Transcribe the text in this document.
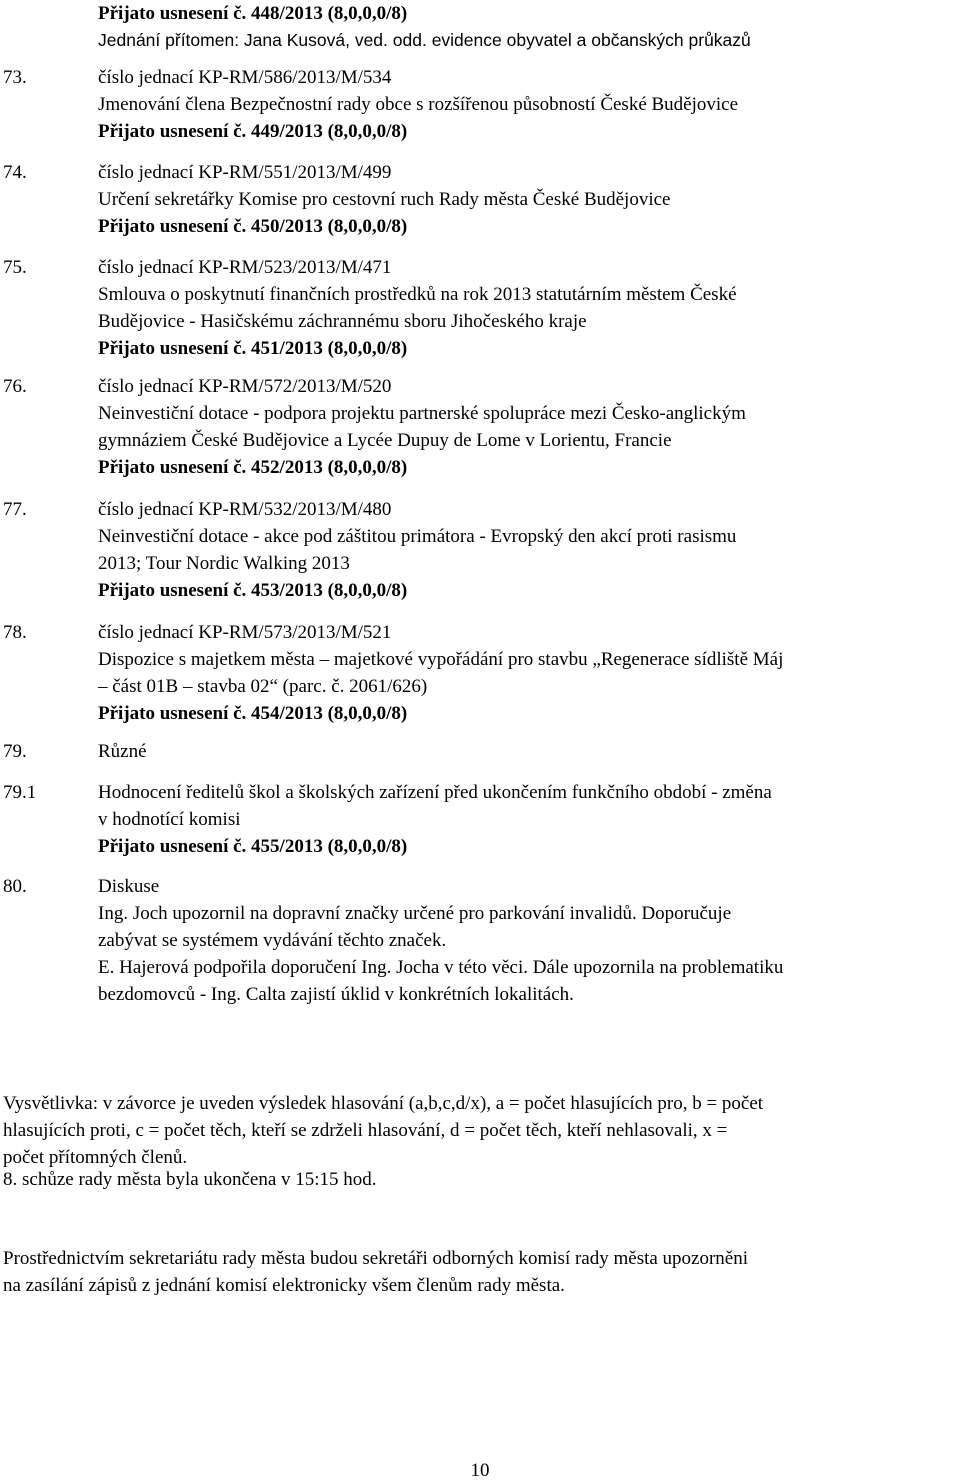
Přijato usnesení č. 448/2013 (8,0,0,0/8)
Jednání přítomen: Jana Kusová, ved. odd. evidence obyvatel a občanských průkazů
73.	číslo jednací KP-RM/586/2013/M/534
Jmenování člena Bezpečnostní rady obce s rozšířenou působností České Budějovice
Přijato usnesení č. 449/2013 (8,0,0,0/8)
74.	číslo jednací KP-RM/551/2013/M/499
Určení sekretářky Komise pro cestovní ruch Rady města České Budějovice
Přijato usnesení č. 450/2013 (8,0,0,0/8)
75.	číslo jednací KP-RM/523/2013/M/471
Smlouva o poskytnutí finančních prostředků na rok 2013 statutárním městem České
Budějovice - Hasičskému záchrannému sboru Jihočeského kraje
Přijato usnesení č. 451/2013 (8,0,0,0/8)
76.	číslo jednací KP-RM/572/2013/M/520
Neinvestiční dotace - podpora projektu partnerské spolupráce mezi Česko-anglickým
gymnáziem České Budějovice a Lycée Dupuy de Lome v Lorientu, Francie
Přijato usnesení č. 452/2013 (8,0,0,0/8)
77.	číslo jednací KP-RM/532/2013/M/480
Neinvestiční dotace - akce pod záštitou primátora - Evropský den akcí proti rasismu
2013; Tour Nordic Walking 2013
Přijato usnesení č. 453/2013 (8,0,0,0/8)
78.	číslo jednací KP-RM/573/2013/M/521
Dispozice s majetkem města – majetkové vypořádání pro stavbu „Regenerace sídliště Máj
– část 01B – stavba 02“ (parc. č. 2061/626)
Přijato usnesení č. 454/2013 (8,0,0,0/8)
79.	Různé
79.1	Hodnocení ředitelů škol a školských zařízení před ukončením funkčního období - změna
v hodnotící komisi
Přijato usnesení č. 455/2013 (8,0,0,0/8)
80.	Diskuse
Ing. Joch upozornil na dopravní značky určené pro parkování invalidů. Doporučuje
zabývat se systémem vydávání těchto značek.
E. Hajerová podpořila doporučení Ing. Jocha v této věci. Dále upozornila na problematiku
bezdomovců - Ing. Calta zajistí úklid v konkrétních lokalitách.
Vysvětlivka: v závorce je uveden výsledek hlasování (a,b,c,d/x), a = počet hlasujících pro, b = počet
hlasujících proti, c = počet těch, kteří se zdrželi hlasování, d = počet těch, kteří nehlasovali, x =
počet přítomných členů.
8. schůze rady města byla ukončena v 15:15 hod.
Prostřednictvím sekretariátu rady města budou sekretáři odborných komisí rady města upozorněni
na zasílání zápisů z jednání komisí elektronicky všem členům rady města.
10
